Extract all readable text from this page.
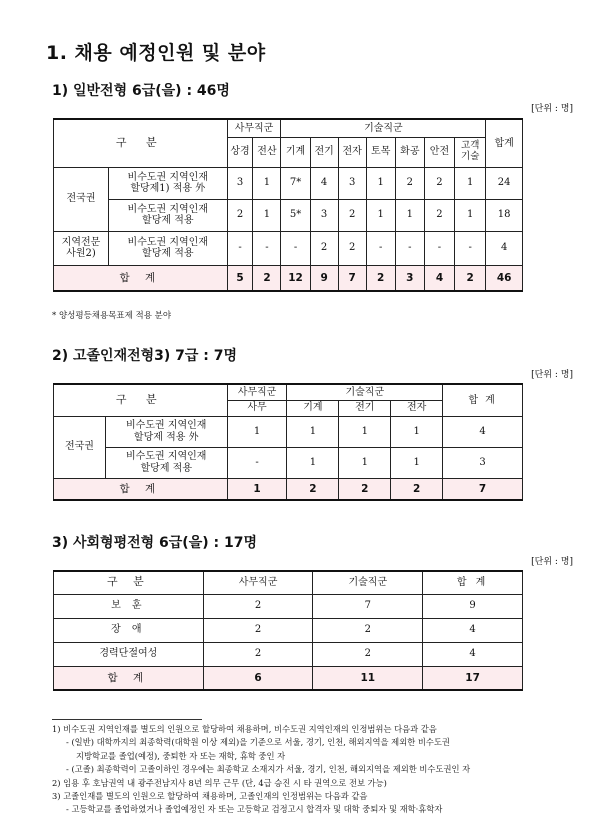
1. 채용 예정인원 및 분야
1) 일반전형 6급(을) : 46명
[단위 : 명]
구 분		사무직군		기술직군							합계
		상경	전산	기계	전기	전자	토목	화공	안전	고객
기술	
전국권	비수도권 지역인재
할당제1) 적용 外	3	1	7*	4	3	1	2	2	1	24
	비수도권 지역인재
할당제 적용	2	1	5*	3	2	1	1	2	1	18
지역전문
사원2)	비수도권 지역인재
할당제 적용	-	-	-	2	2	-	-	-	-	4
합 계		5	2	12	9	7	2	3	4	2	46
* 양성평등채용목표제 적용 분야
2) 고졸인재전형3) 7급 : 7명
[단위 : 명]
구 분		사무직군	기술직군			합 계
		사무	기계	전기	전자	
전국권	비수도권 지역인재
할당제 적용 外	1	1	1	1	4
	비수도권 지역인재
할당제 적용	-	1	1	1	3
합 계		1	2	2	2	7
3) 사회형평전형 6급(을) : 17명
[단위 : 명]
구 분	사무직군	기술직군	합 계
보 훈	2	7	9
장 애	2	2	4
경력단절여성	2	2	4
합 계	6	11	17
1) 비수도권 지역인재를 별도의 인원으로 할당하여 채용하며, 비수도권 지역인재의 인정범위는 다음과 같음
- (일반) 대학까지의 최종학력(대학원 이상 제외)을 기준으로 서울, 경기, 인천, 해외지역을 제외한 비수도권
지방학교를 졸업(예정), 중퇴한 자 또는 재학, 휴학 중인 자
- (고졸) 최종학력이 고졸이하인 경우에는 최종학교 소재지가 서울, 경기, 인천, 해외지역을 제외한 비수도권인 자
2) 임용 후 호남권역 내 광주전남지사 8년 의무 근무 (단, 4급 승진 시 타 권역으로 전보 가능)
3) 고졸인재를 별도의 인원으로 할당하여 채용하며, 고졸인재의 인정범위는 다음과 같음
- 고등학교를 졸업하였거나 졸업예정인 자 또는 고등학교 검정고시 합격자 및 대학 중퇴자 및 재학·휴학자
